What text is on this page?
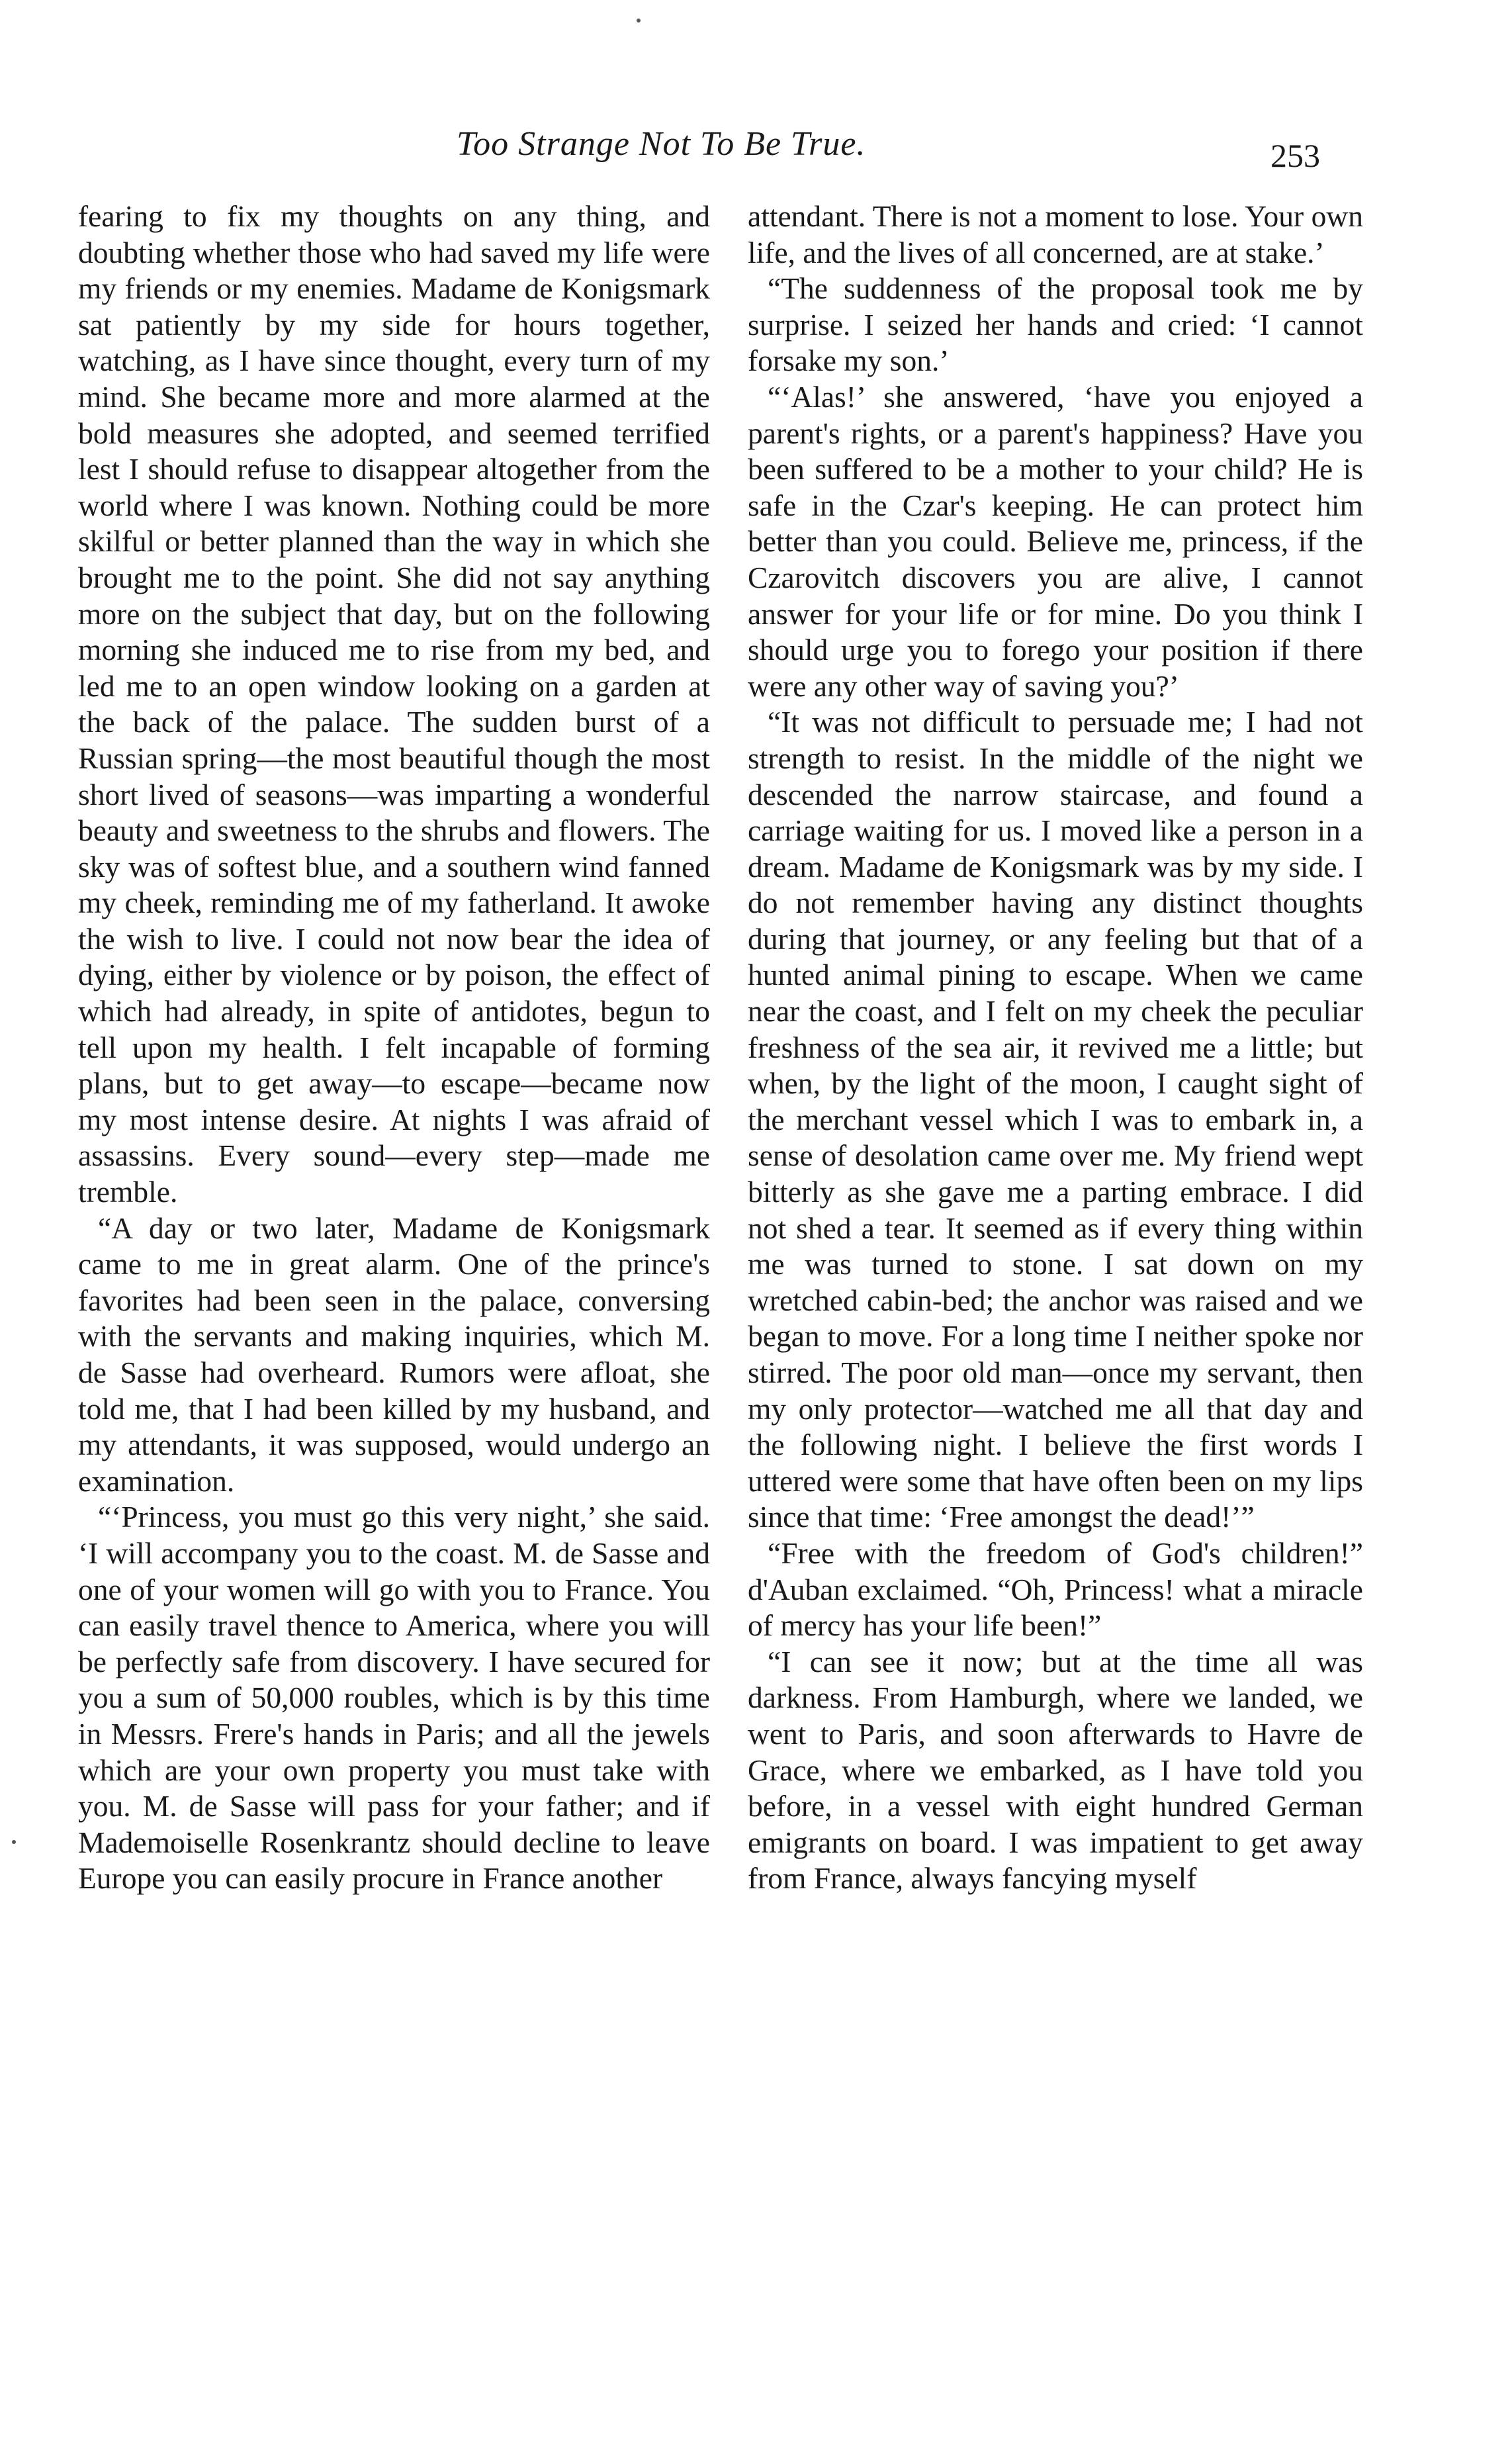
Too Strange Not To Be True.	253

fearing to fix my thoughts on any thing, and doubting whether those who had saved my life were my friends or my enemies. Madame de Konigsmark sat patiently by my side for hours together, watching, as I have since thought, every turn of my mind. She became more and more alarmed at the bold measures she adopted, and seemed terrified lest I should refuse to disappear altogether from the world where I was known. Nothing could be more skilful or better planned than the way in which she brought me to the point. She did not say anything more on the subject that day, but on the following morning she induced me to rise from my bed, and led me to an open window looking on a garden at the back of the palace. The sudden burst of a Russian spring—the most beautiful though the most short lived of seasons—was imparting a wonderful beauty and sweetness to the shrubs and flowers. The sky was of softest blue, and a southern wind fanned my cheek, reminding me of my fatherland. It awoke the wish to live. I could not now bear the idea of dying, either by violence or by poison, the effect of which had already, in spite of antidotes, begun to tell upon my health. I felt incapable of forming plans, but to get away—to escape—became now my most intense desire. At nights I was afraid of assassins. Every sound—every step—made me tremble.

“A day or two later, Madame de Konigsmark came to me in great alarm. One of the prince's favorites had been seen in the palace, conversing with the servants and making inquiries, which M. de Sasse had overheard. Rumors were afloat, she told me, that I had been killed by my husband, and my attendants, it was supposed, would undergo an examination.

“‘Princess, you must go this very night,’ she said. ‘I will accompany you to the coast. M. de Sasse and one of your women will go with you to France. You can easily travel thence to America, where you will be perfectly safe from discovery. I have secured for you a sum of 50,000 roubles, which is by this time in Messrs. Frere's hands in Paris; and all the jewels which are your own property you must take with you. M. de Sasse will pass for your father; and if Mademoiselle Rosenkrantz should decline to leave Europe you can easily procure in France another

attendant. There is not a moment to lose. Your own life, and the lives of all concerned, are at stake.’

“The suddenness of the proposal took me by surprise. I seized her hands and cried: ‘I cannot forsake my son.’

“‘Alas!’ she answered, ‘have you enjoyed a parent's rights, or a parent's happiness? Have you been suffered to be a mother to your child? He is safe in the Czar's keeping. He can protect him better than you could. Believe me, princess, if the Czarovitch discovers you are alive, I cannot answer for your life or for mine. Do you think I should urge you to forego your position if there were any other way of saving you?’

“It was not difficult to persuade me; I had not strength to resist. In the middle of the night we descended the narrow staircase, and found a carriage waiting for us. I moved like a person in a dream. Madame de Konigsmark was by my side. I do not remember having any distinct thoughts during that journey, or any feeling but that of a hunted animal pining to escape. When we came near the coast, and I felt on my cheek the peculiar freshness of the sea air, it revived me a little; but when, by the light of the moon, I caught sight of the merchant vessel which I was to embark in, a sense of desolation came over me. My friend wept bitterly as she gave me a parting embrace. I did not shed a tear. It seemed as if every thing within me was turned to stone. I sat down on my wretched cabin-bed; the anchor was raised and we began to move. For a long time I neither spoke nor stirred. The poor old man—once my servant, then my only protector—watched me all that day and the following night. I believe the first words I uttered were some that have often been on my lips since that time: ‘Free amongst the dead!’”

“Free with the freedom of God's children!” d'Auban exclaimed. “Oh, Princess! what a miracle of mercy has your life been!”

“I can see it now; but at the time all was darkness. From Hamburgh, where we landed, we went to Paris, and soon afterwards to Havre de Grace, where we embarked, as I have told you before, in a vessel with eight hundred German emigrants on board. I was impatient to get away from France, always fancying myself
